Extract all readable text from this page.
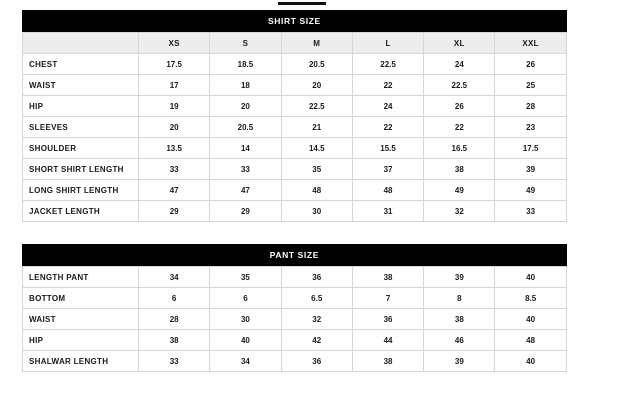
SHIRT SIZE
	XS	S	M	L	XL	XXL
CHEST	17.5	18.5	20.5	22.5	24	26
WAIST	17	18	20	22	22.5	25
HIP	19	20	22.5	24	26	28
SLEEVES	20	20.5	21	22	22	23
SHOULDER	13.5	14	14.5	15.5	16.5	17.5
SHORT SHIRT LENGTH	33	33	35	37	38	39
LONG SHIRT LENGTH	47	47	48	48	49	49
JACKET LENGTH	29	29	30	31	32	33
PANT SIZE
LENGTH PANT	34	35	36	38	39	40
BOTTOM	6	6	6.5	7	8	8.5
WAIST	28	30	32	36	38	40
HIP	38	40	42	44	46	48
SHALWAR LENGTH	33	34	36	38	39	40
